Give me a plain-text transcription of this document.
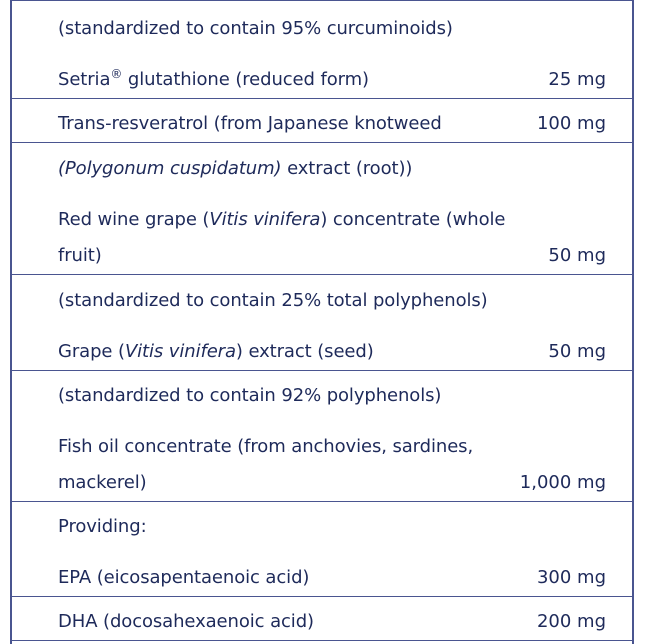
(standardized to contain 95% curcuminoids)
Setria® glutathione (reduced form)	25 mg
Trans-resveratrol (from Japanese knotweed	100 mg
(Polygonum cuspidatum) extract (root))
Red wine grape (Vitis vinifera) concentrate (whole
fruit)	50 mg
(standardized to contain 25% total polyphenols)
Grape (Vitis vinifera) extract (seed)	50 mg
(standardized to contain 92% polyphenols)
Fish oil concentrate (from anchovies, sardines,
mackerel)	1,000 mg
Providing:
EPA (eicosapentaenoic acid)	300 mg
DHA (docosahexaenoic acid)	200 mg
